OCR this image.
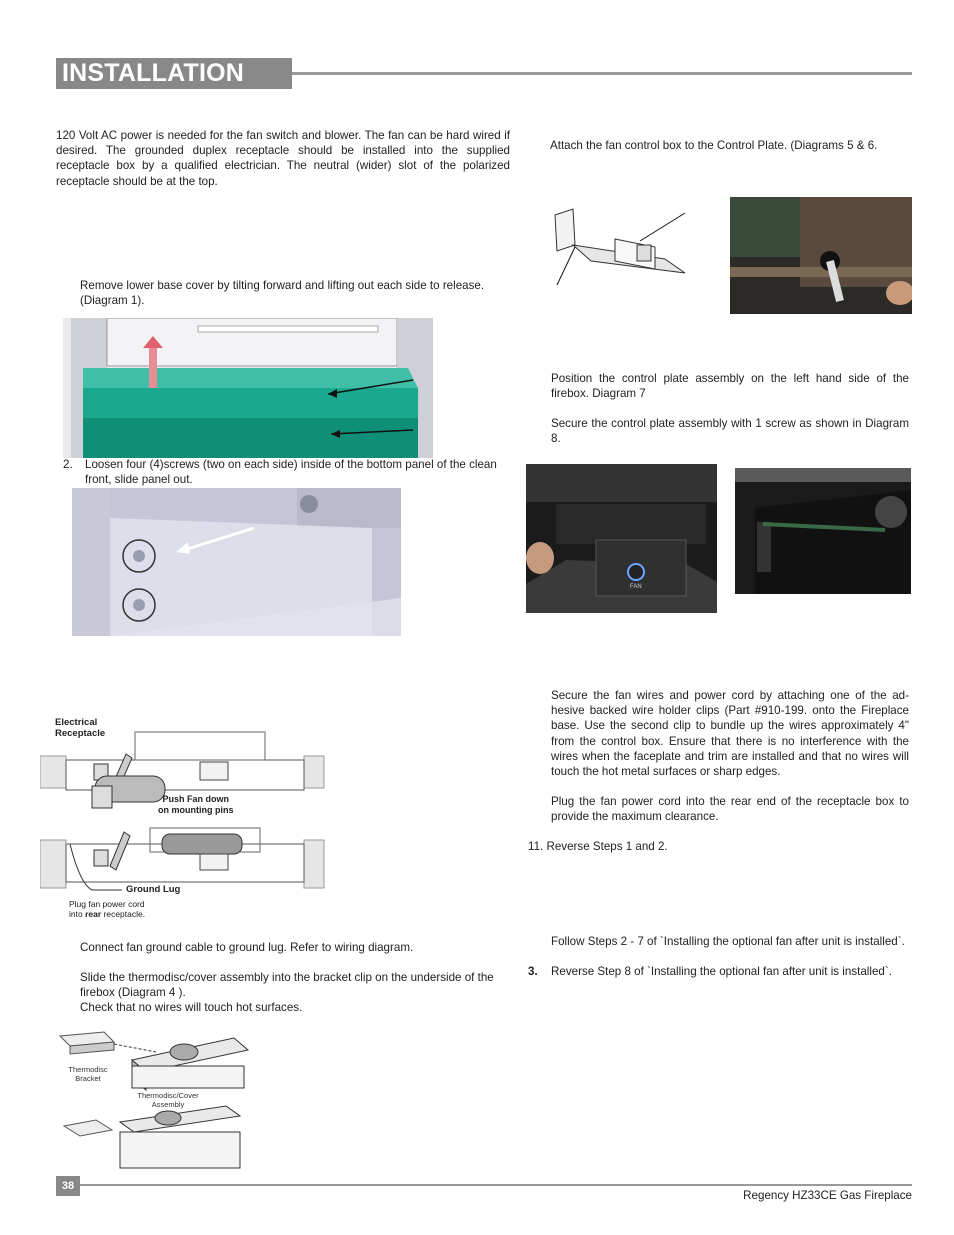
INSTALLATION
120 Volt AC power is needed for the fan switch and blower. The fan can be hard wired if desired. The grounded duplex receptacle should be installed into the supplied receptacle box by a qualified electrician. The neutral (wider) slot of the polarized receptacle should be at the top.
Remove lower base cover by tilting forward and lifting out each side to release. (Diagram 1).
2. Loosen four (4)screws (two on each side) inside of the bottom panel of the clean front, slide panel out.
Electrical
Receptacle
Push Fan down
on mounting pins
Ground Lug
Plug fan power cord
into rear receptacle.
Connect fan ground cable to ground lug. Refer to wiring diagram.
Slide the thermodisc/cover assembly into the bracket clip on the underside of the firebox (Diagram 4 ).
Check that no wires will touch hot surfaces.
Thermodisc
Bracket
Thermodisc/Cover
Assembly
Attach the fan control box to the Control Plate. (Diagrams 5 & 6.
Position the control plate assembly on the left hand side of the firebox. Diagram 7
Secure the control plate assembly with 1 screw as shown in Diagram 8.
FAN
Secure the fan wires and power cord by attaching one of the ad-hesive backed wire holder clips (Part #910-199. onto the Fireplace base. Use the second clip to bundle up the wires approximately 4" from the control box. Ensure that there is no interference with the wires when the faceplate and trim are installed and that no wires will touch the hot metal surfaces or sharp edges.
Plug the fan power cord into the rear end of the receptacle box to provide the maximum clearance.
11. Reverse Steps 1 and 2.
Follow Steps 2 - 7 of `Installing the optional fan after unit is installed`.
3. Reverse Step 8 of `Installing the optional fan after unit is installed`.
38
Regency HZ33CE Gas Fireplace
